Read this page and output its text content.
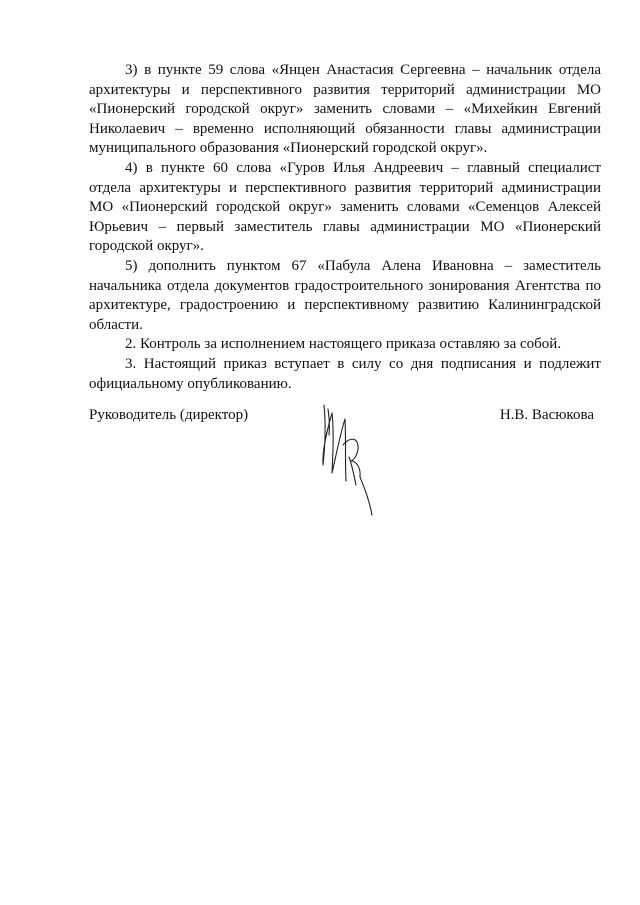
3) в пункте 59 слова «Янцен Анастасия Сергеевна – начальник отдела архитектуры и перспективного развития территорий администрации МО «Пионерский городской округ» заменить словами – «Михейкин Евгений Николаевич – временно исполняющий обязанности главы администрации муниципального образования «Пионерский городской округ».

4) в пункте 60 слова «Гуров Илья Андреевич – главный специалист отдела архитектуры и перспективного развития территорий администрации МО «Пионерский городской округ» заменить словами «Семенцов Алексей Юрьевич – первый заместитель главы администрации МО «Пионерский городской округ».

5) дополнить пунктом 67 «Пабула Алена Ивановна – заместитель начальника отдела документов градостроительного зонирования Агентства по архитектуре, градостроению и перспективному развитию Калининградской области.

2. Контроль за исполнением настоящего приказа оставляю за собой.

3. Настоящий приказ вступает в силу со дня подписания и подлежит официальному опубликованию.

Руководитель (директор)	Н.В. Васюкова
